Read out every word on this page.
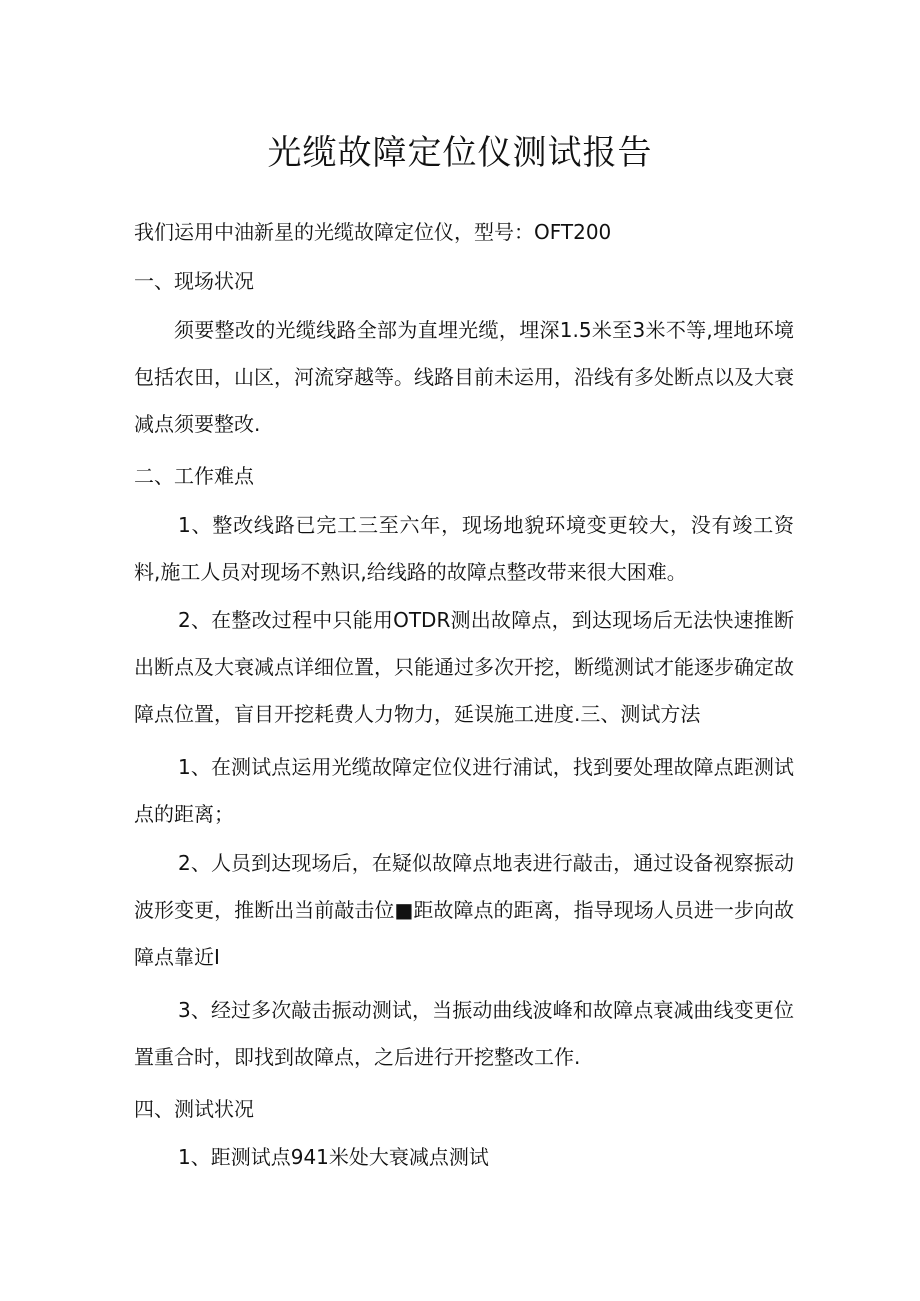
光缆故障定位仪测试报告
我们运用中油新星的光缆故障定位仪，型号：OFT200
一、现场状况
须要整改的光缆线路全部为直埋光缆，埋深1.5米至3米不等,埋地环境包括农田，山区，河流穿越等。线路目前未运用，沿线有多处断点以及大衰减点须要整改.
二、工作难点
1、整改线路已完工三至六年，现场地貌环境变更较大，没有竣工资料,施工人员对现场不熟识,给线路的故障点整改带来很大困难。
2、在整改过程中只能用OTDR测出故障点，到达现场后无法快速推断出断点及大衰减点详细位置，只能通过多次开挖，断缆测试才能逐步确定故障点位置，盲目开挖耗费人力物力，延误施工进度.三、测试方法
1、在测试点运用光缆故障定位仪进行浦试，找到要处理故障点距测试点的距离；
2、人员到达现场后，在疑似故障点地表进行敲击，通过设备视察振动波形变更，推断出当前敲击位■距故障点的距离，指导现场人员进一步向故障点靠近I
3、经过多次敲击振动测试，当振动曲线波峰和故障点衰减曲线变更位置重合时，即找到故障点，之后进行开挖整改工作.
四、测试状况
1、距测试点941米处大衰减点测试
